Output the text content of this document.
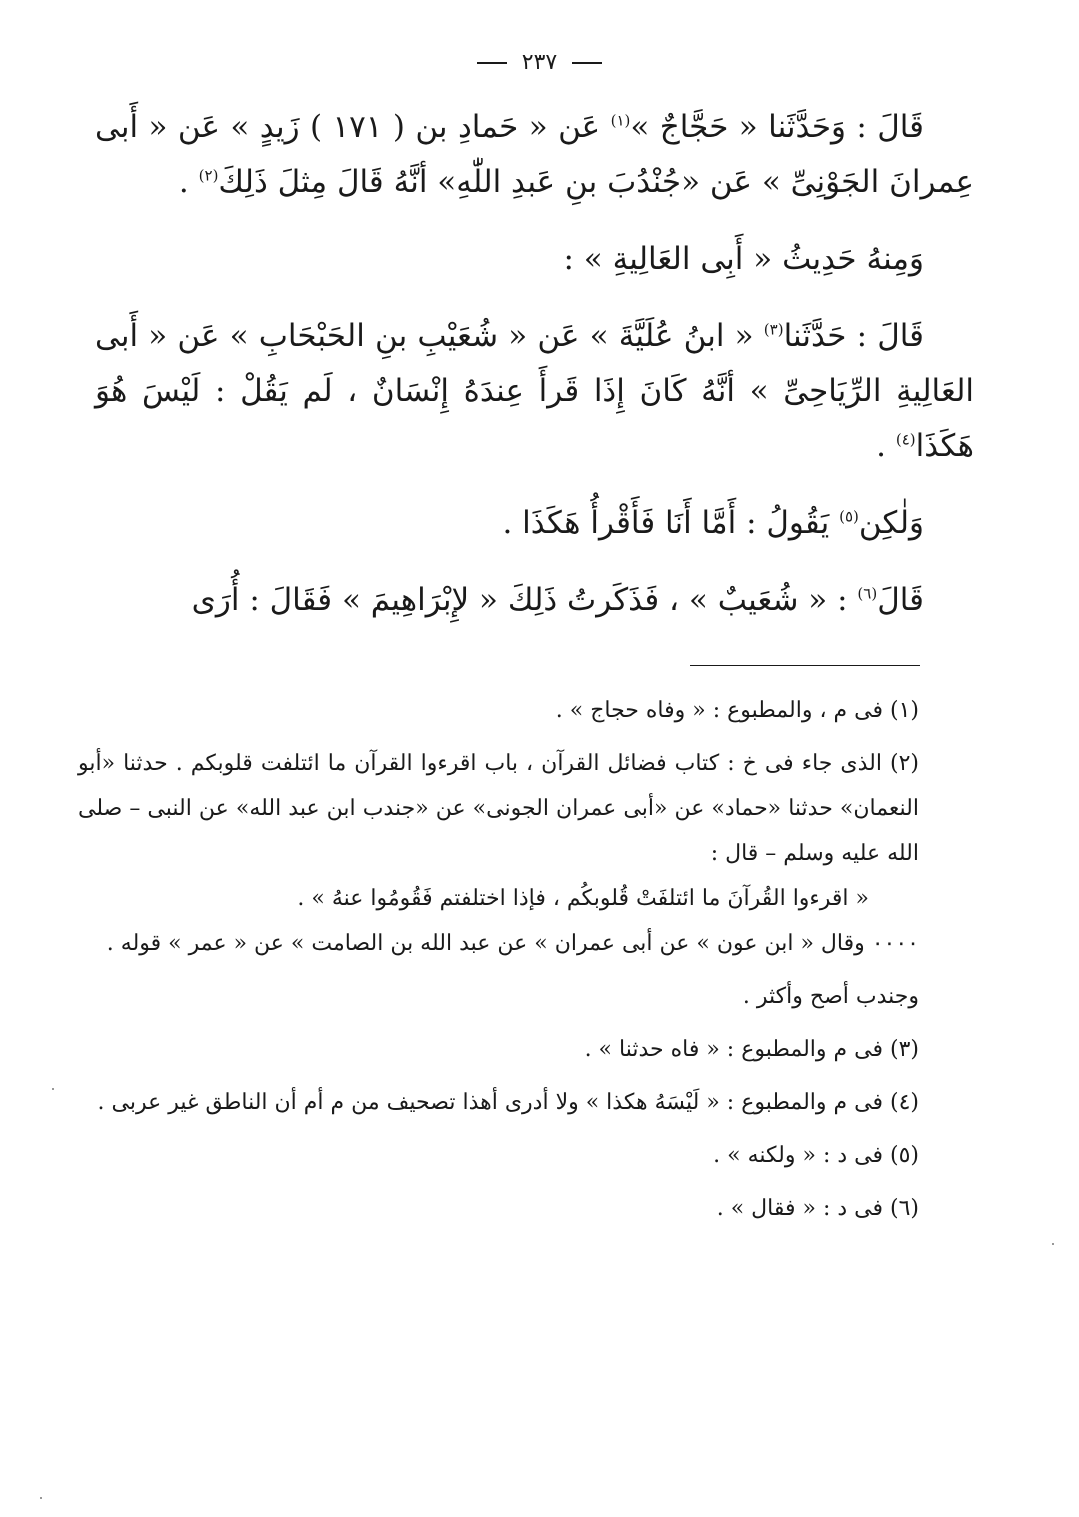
٢٣٧

قَالَ : وَحَدَّثَنا « حَجَّاجٌ »$^{(١)}$ عَن « حَمادِ بن ( ١٧١ ) زَيدٍ » عَن « أَبى عِمرانَ الجَوْنِىِّ » عَن «جُنْدُبَ بنِ عَبدِ اللّٰهِ» أنَّهُ قَالَ مِثلَ ذَلِكَ$^{(٢)}$ .

وَمِنهُ حَدِيثُ « أَبِى العَالِيةِ » :

قَالَ : حَدَّثَنا$^{(٣)}$ « ابنُ عُلَيَّةَ » عَن « شُعَيْبِ بنِ الحَبْحَابِ » عَن « أَبى العَالِيةِ الرِّيَاحِىِّ » أنَّهُ كَانَ إِذَا قَرأَ عِندَهُ إِنْسَانٌ ، لَم يَقُلْ : لَيْسَ هُوَ هَكَذَا$^{(٤)}$ .

وَلٰكِن$^{(٥)}$ يَقُولُ : أَمَّا أَنَا فَأَقْرأُ هَكَذَا .

قَالَ$^{(٦)}$ : « شُعَيبٌ » ، فَذَكَرتُ ذَلِكَ « لإِبْرَاهِيمَ » فَقَالَ : أُرَى

(١) فى م ، والمطبوع : « وفاه حجاج » .

(٢) الذى جاء فى خ : كتاب فضائل القرآن ، باب اقرءوا القرآن ما ائتلفت قلوبكم . حدثنا «أبو النعمان» حدثنا «حماد» عن «أبى عمران الجونى» عن «جندب ابن عبد الله» عن النبى – صلى الله عليه وسلم – قال :

« اقرءوا القُرآنَ ما ائتلفَتْ قُلوبكُم ، فإذا اختلفتم فَقُومُوا عنهُ » .

٠٠٠٠ وقال « ابن عون » عن أبى عمران » عن عبد الله بن الصامت » عن « عمر » قوله .

وجندب أصح وأكثر .

(٣) فى م والمطبوع : « فاه حدثنا » .

(٤) فى م والمطبوع : « لَيْسَهُ هكذا » ولا أدرى أهذا تصحيف من م أم أن الناطق غير عربى .

(٥) فى د : « ولكنه » .

(٦) فى د : « فقال » .
